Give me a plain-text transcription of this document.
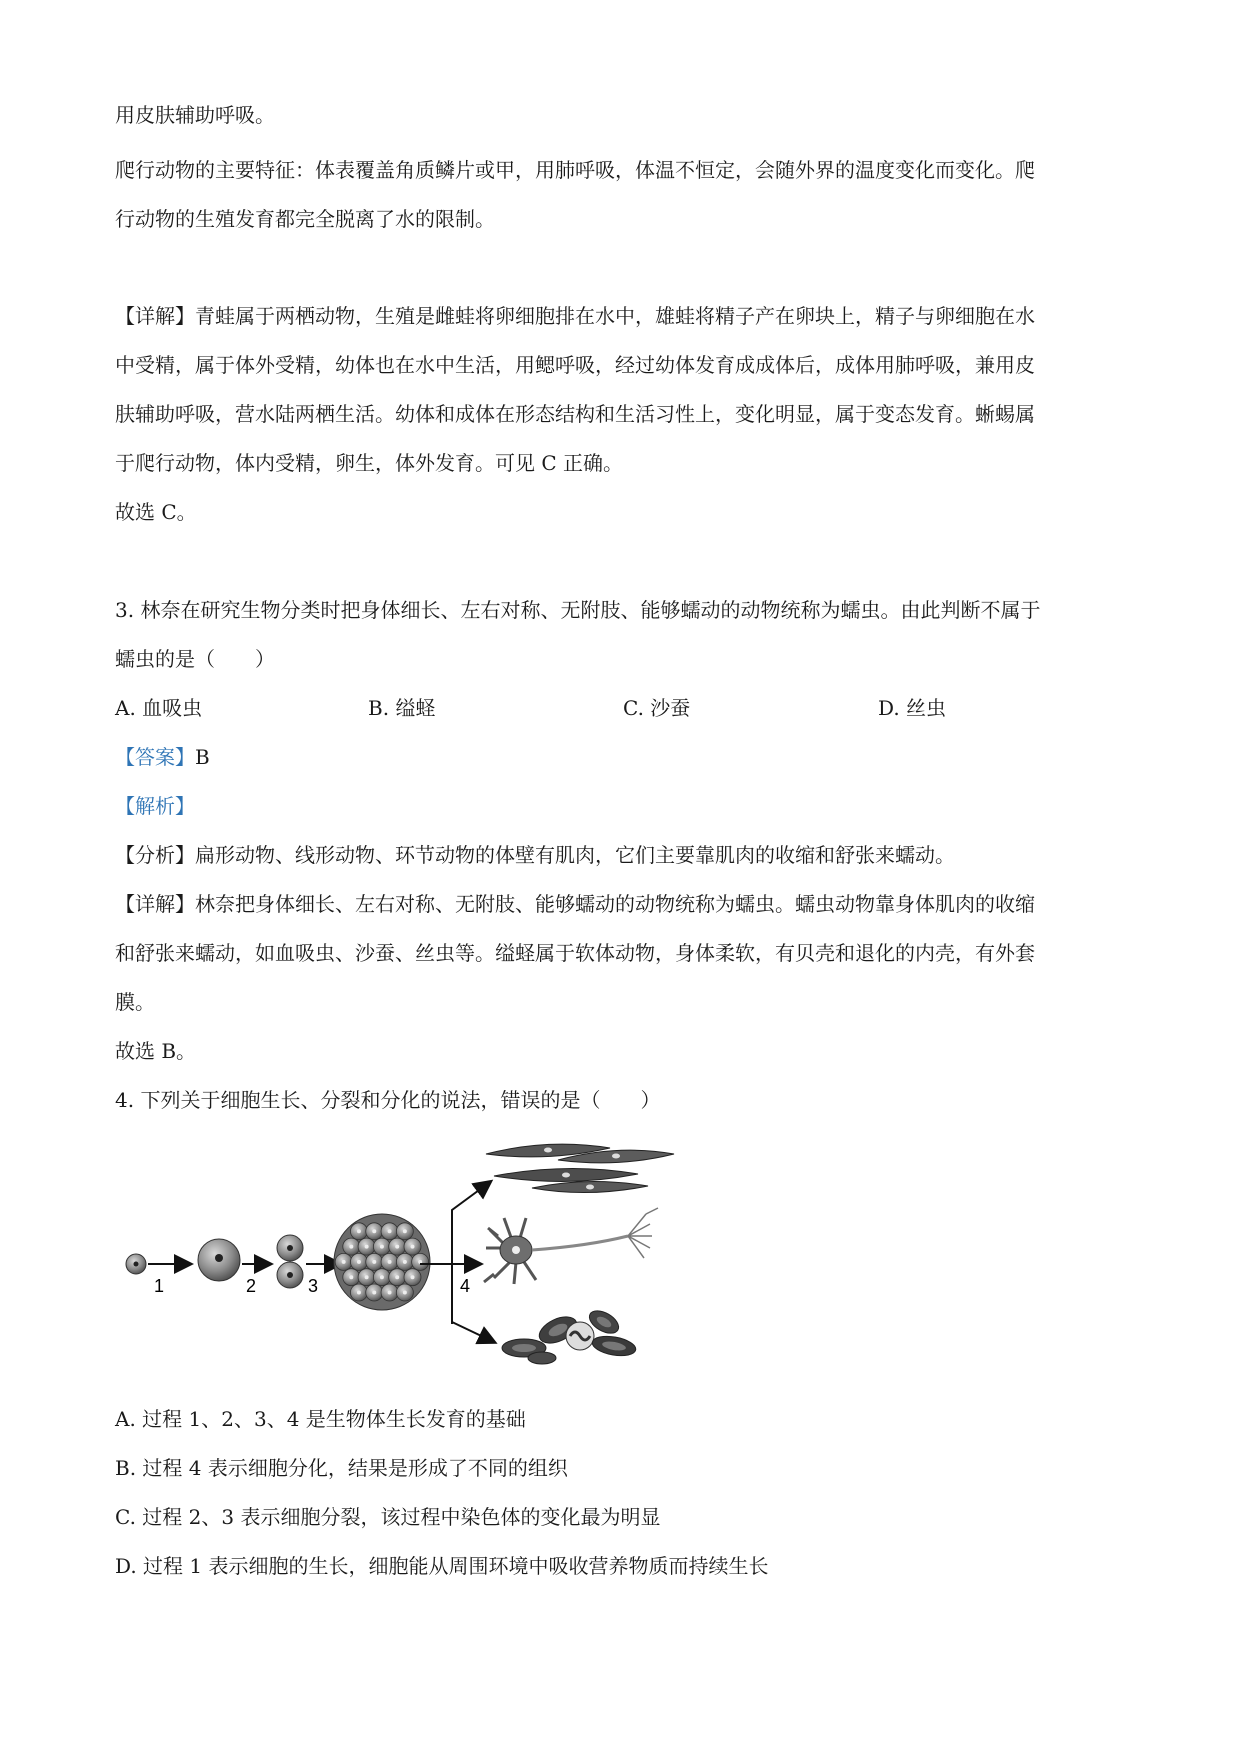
用皮肤辅助呼吸。
爬行动物的主要特征：体表覆盖角质鳞片或甲，用肺呼吸，体温不恒定，会随外界的温度变化而变化。爬
行动物的生殖发育都完全脱离了水的限制。
【详解】青蛙属于两栖动物，生殖是雌蛙将卵细胞排在水中，雄蛙将精子产在卵块上，精子与卵细胞在水
中受精，属于体外受精，幼体也在水中生活，用鳃呼吸，经过幼体发育成成体后，成体用肺呼吸，兼用皮
肤辅助呼吸，营水陆两栖生活。幼体和成体在形态结构和生活习性上，变化明显，属于变态发育。蜥蜴属
于爬行动物，体内受精，卵生，体外发育。可见 C 正确。
故选 C。
3. 林奈在研究生物分类时把身体细长、左右对称、无附肢、能够蠕动的动物统称为蠕虫。由此判断不属于
蠕虫的是（　　）
A. 血吸虫	B. 缢蛏	C. 沙蚕	D. 丝虫
【答案】B
【解析】
【分析】扁形动物、线形动物、环节动物的体壁有肌肉，它们主要靠肌肉的收缩和舒张来蠕动。
【详解】林奈把身体细长、左右对称、无附肢、能够蠕动的动物统称为蠕虫。蠕虫动物靠身体肌肉的收缩
和舒张来蠕动，如血吸虫、沙蚕、丝虫等。缢蛏属于软体动物，身体柔软，有贝壳和退化的内壳，有外套
膜。
故选 B。
4. 下列关于细胞生长、分裂和分化的说法，错误的是（　　）
1	2	3	4
A. 过程 1、2、3、4 是生物体生长发育的基础
B. 过程 4 表示细胞分化，结果是形成了不同的组织
C. 过程 2、3 表示细胞分裂，该过程中染色体的变化最为明显
D. 过程 1 表示细胞的生长，细胞能从周围环境中吸收营养物质而持续生长
